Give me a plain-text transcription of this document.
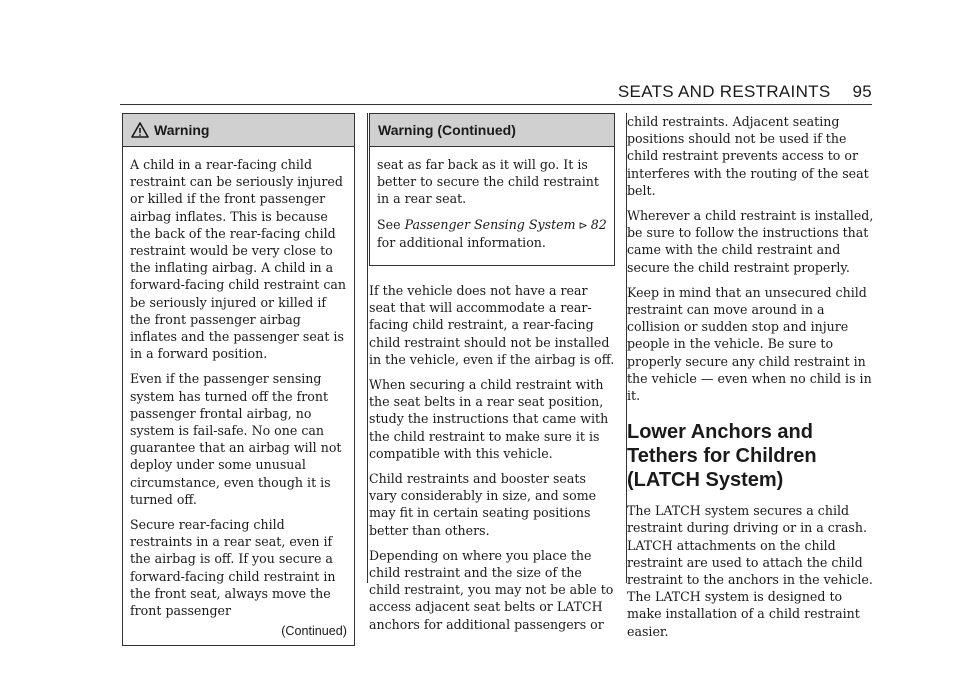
SEATS AND RESTRAINTS 95
Warning

A child in a rear-facing child restraint can be seriously injured or killed if the front passenger airbag inflates. This is because the back of the rear-facing child restraint would be very close to the inflating airbag. A child in a forward-facing child restraint can be seriously injured or killed if the front passenger airbag inflates and the passenger seat is in a forward position.

Even if the passenger sensing system has turned off the front passenger frontal airbag, no system is fail-safe. No one can guarantee that an airbag will not deploy under some unusual circumstance, even though it is turned off.

Secure rear-facing child restraints in a rear seat, even if the airbag is off. If you secure a forward-facing child restraint in the front seat, always move the front passenger

(Continued)
Warning (Continued)

seat as far back as it will go. It is better to secure the child restraint in a rear seat.

See Passenger Sensing System ⊳ 82 for additional information.

If the vehicle does not have a rear seat that will accommodate a rear-facing child restraint, a rear-facing child restraint should not be installed in the vehicle, even if the airbag is off.

When securing a child restraint with the seat belts in a rear seat position, study the instructions that came with the child restraint to make sure it is compatible with this vehicle.

Child restraints and booster seats vary considerably in size, and some may fit in certain seating positions better than others.

Depending on where you place the child restraint and the size of the child restraint, you may not be able to access adjacent seat belts or LATCH anchors for additional passengers or

child restraints. Adjacent seating positions should not be used if the child restraint prevents access to or interferes with the routing of the seat belt.

Wherever a child restraint is installed, be sure to follow the instructions that came with the child restraint and secure the child restraint properly.

Keep in mind that an unsecured child restraint can move around in a collision or sudden stop and injure people in the vehicle. Be sure to properly secure any child restraint in the vehicle — even when no child is in it.

Lower Anchors and Tethers for Children (LATCH System)

The LATCH system secures a child restraint during driving or in a crash. LATCH attachments on the child restraint are used to attach the child restraint to the anchors in the vehicle. The LATCH system is designed to make installation of a child restraint easier.
